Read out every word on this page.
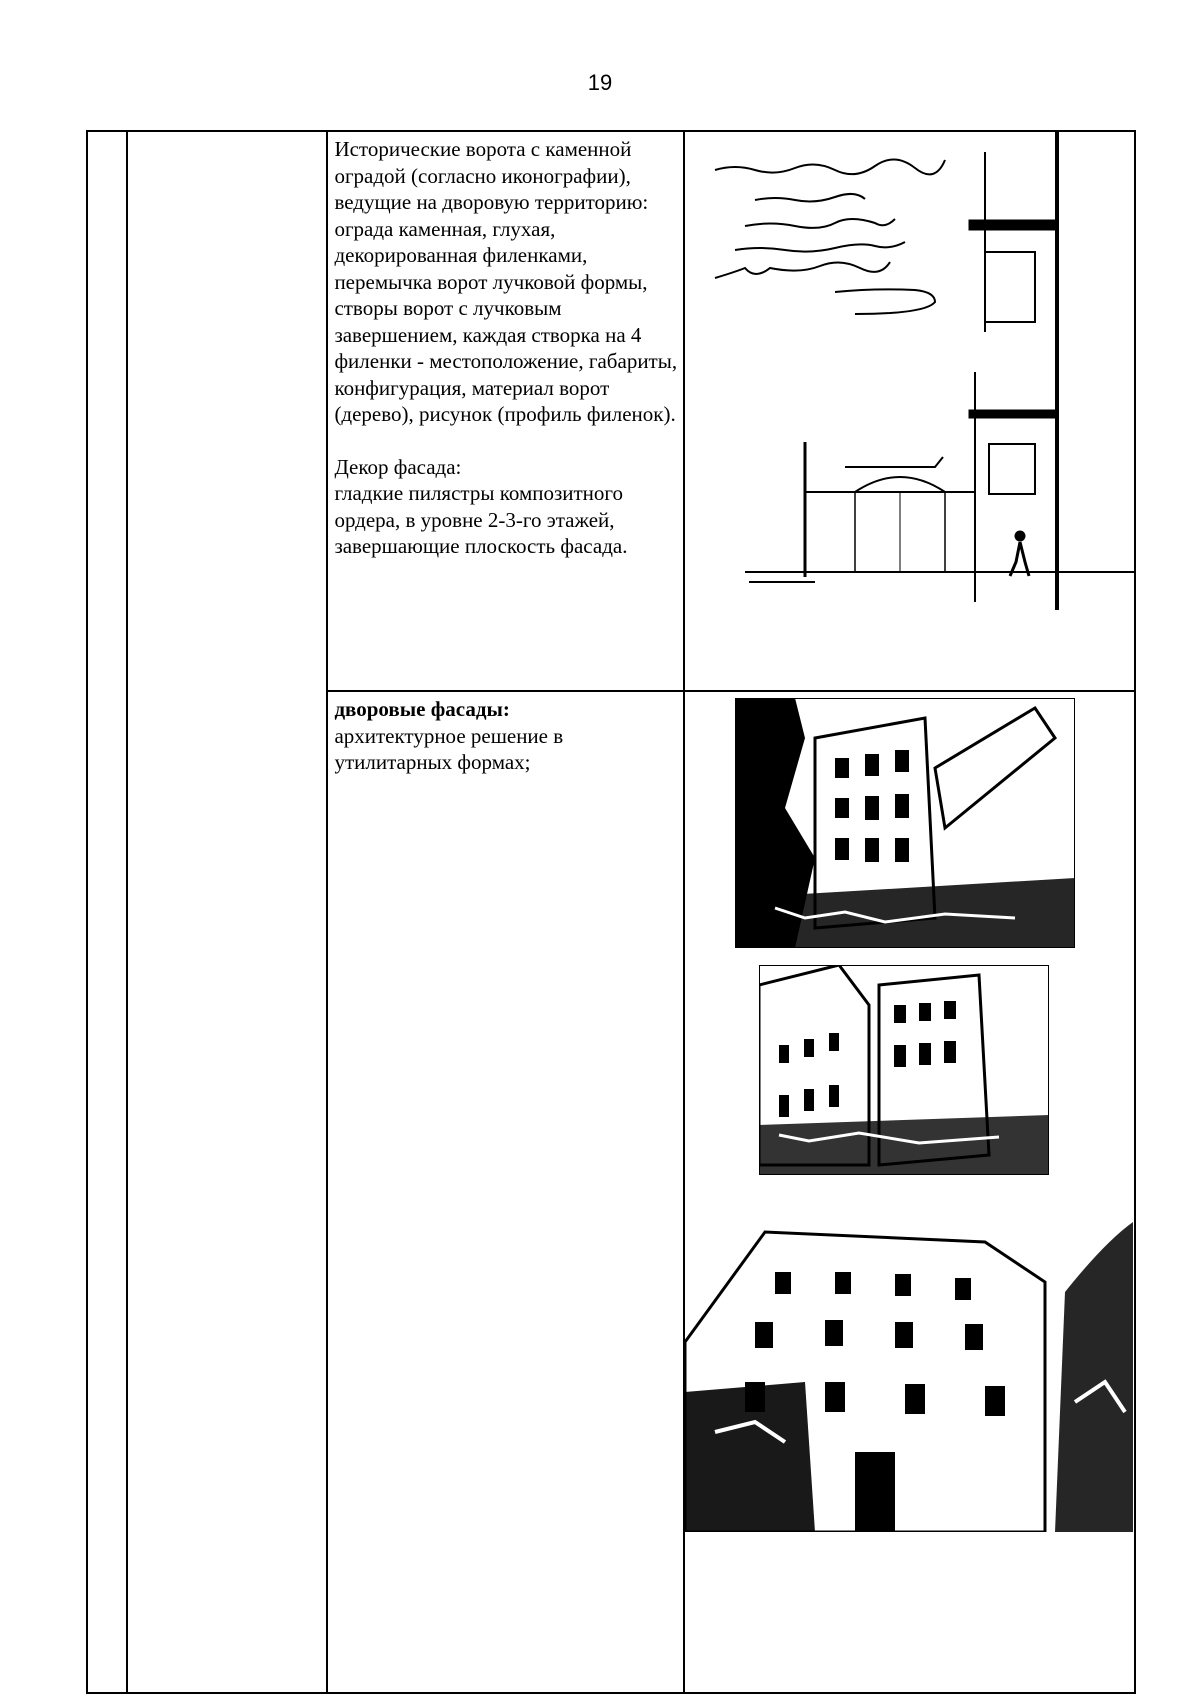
19

		Исторические ворота с каменной оградой (согласно иконографии), ведущие на дворовую территорию: ограда каменная, глухая, декорированная филенками, перемычка ворот лучковой формы, створы ворот с лучковым завершением, каждая створка на 4 филенки - местоположение, габариты, конфигурация, материал ворот (дерево), рисунок (профиль филенок).

Декор фасада:

гладкие пилястры композитного ордера, в уровне 2-3-го этажей, завершающие плоскость фасада.

		дворовые фасады:

архитектурное решение в утилитарных формах;
